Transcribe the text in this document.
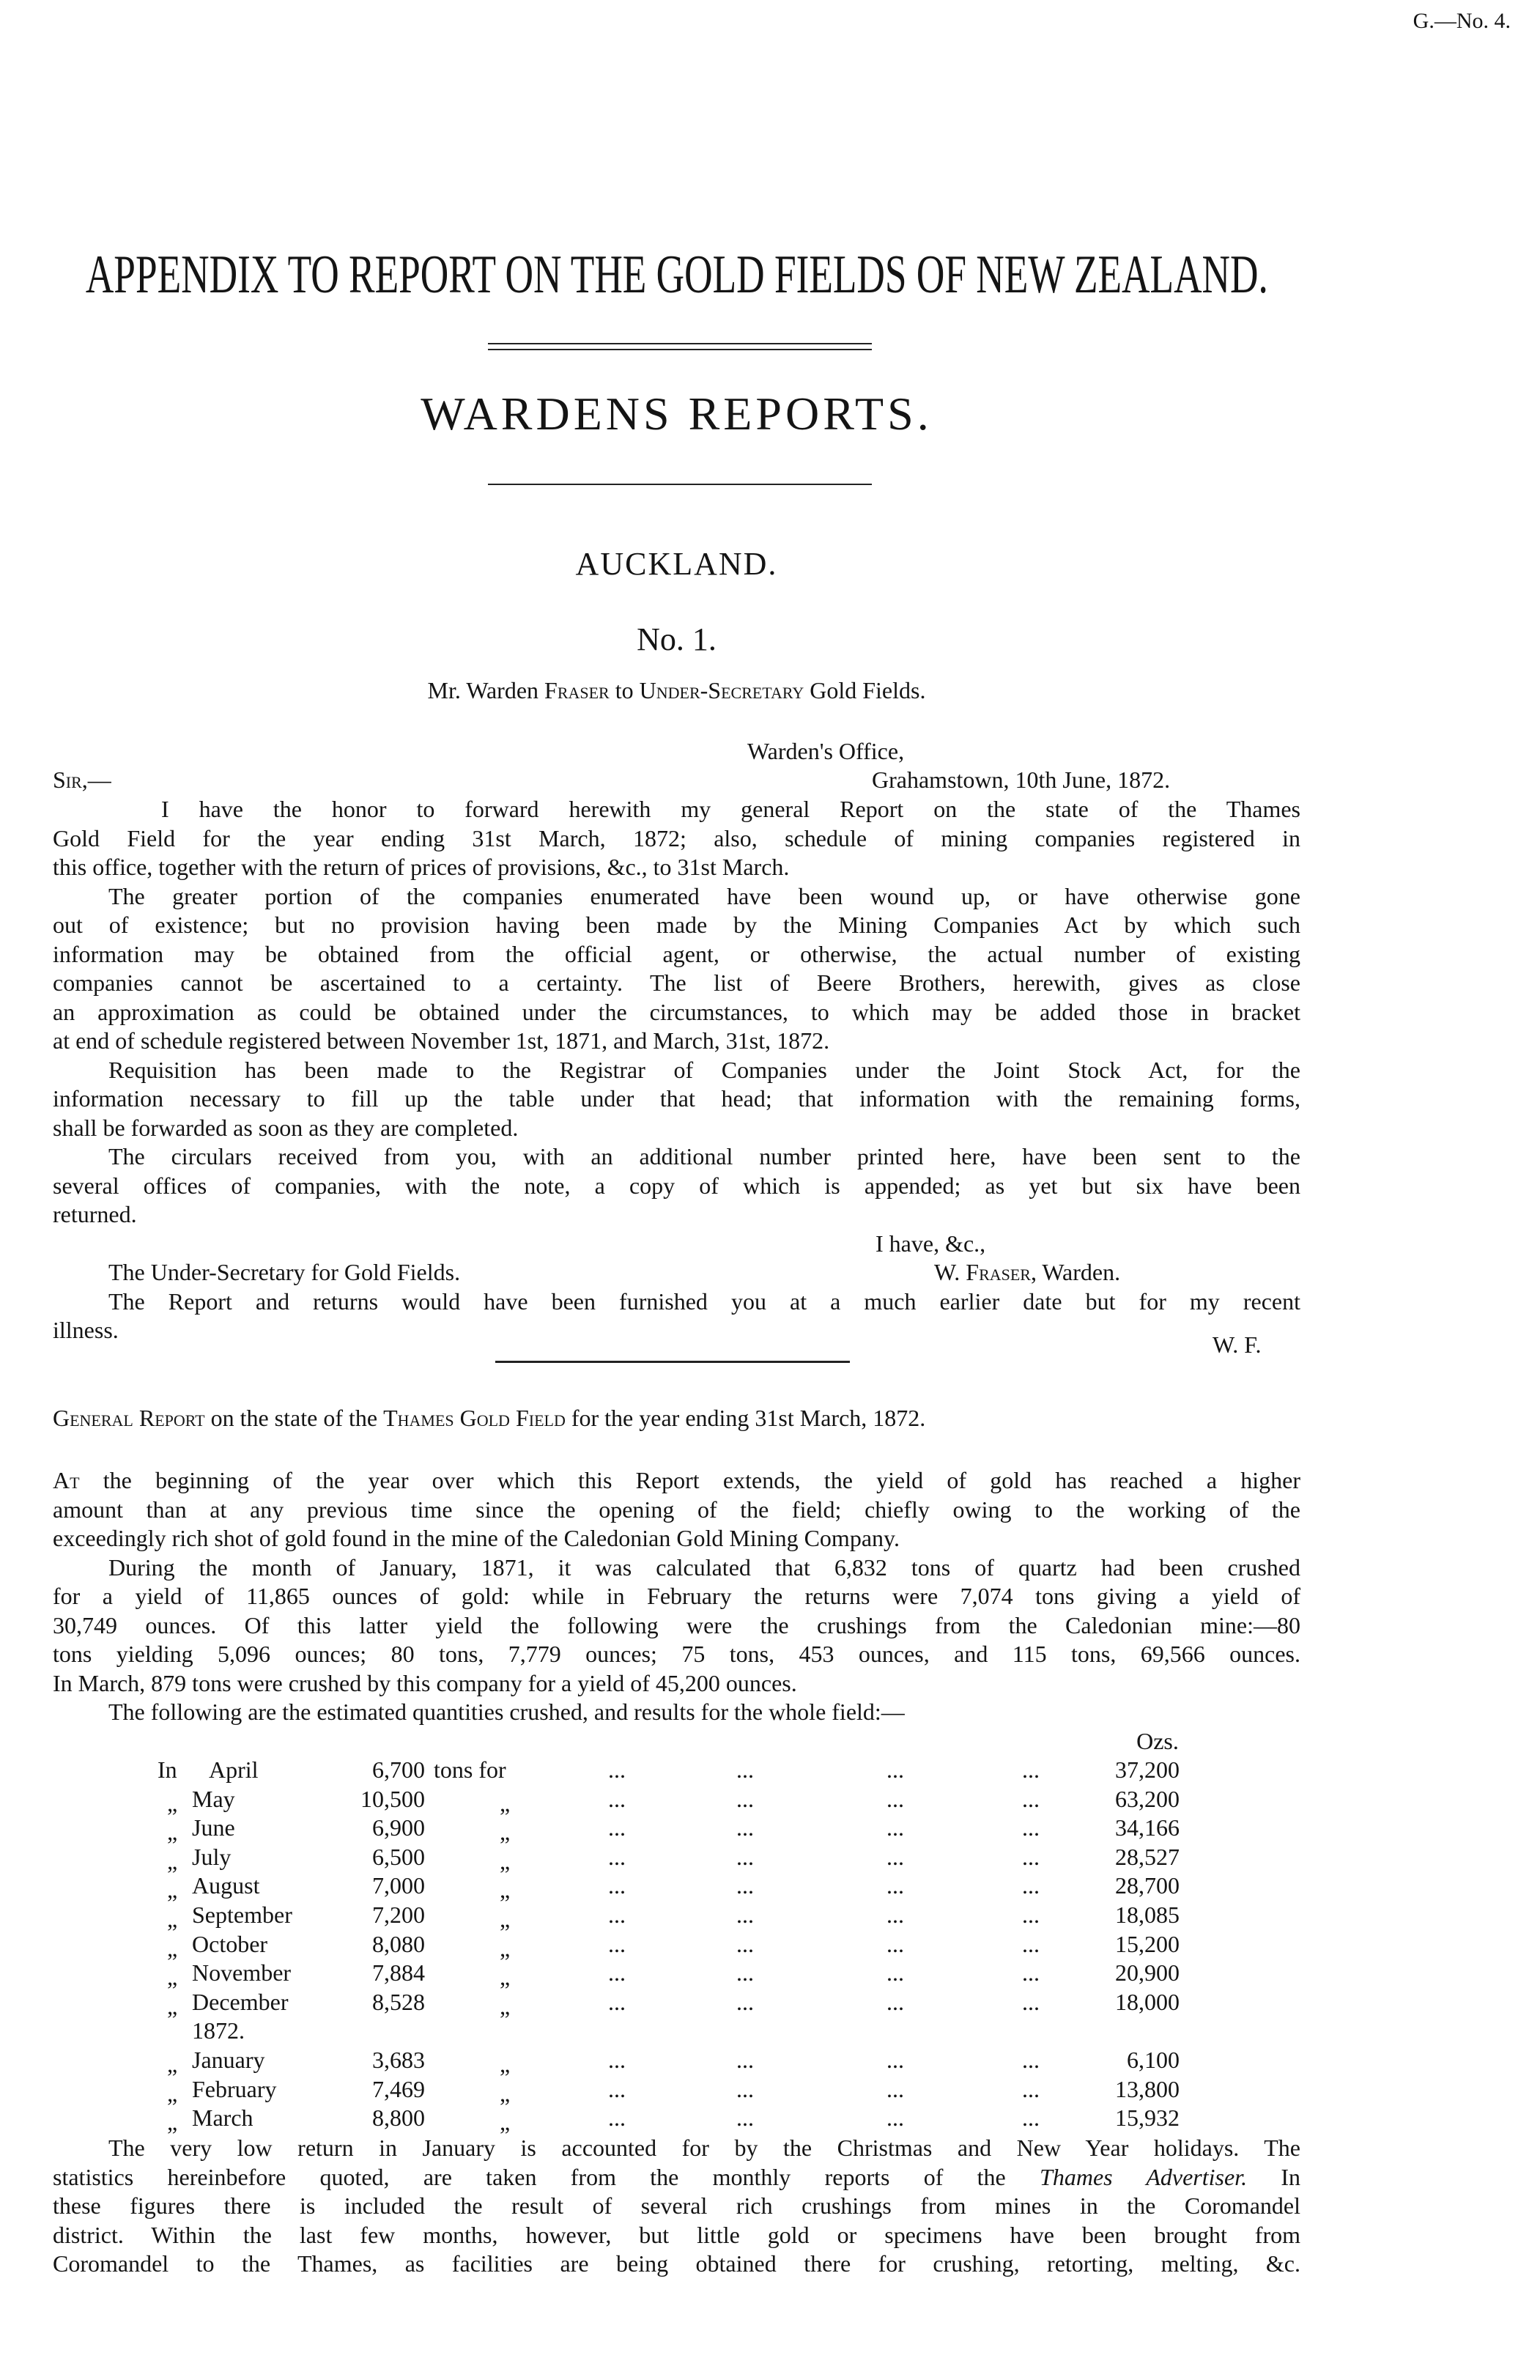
G.—No. 4.
APPENDIX TO REPORT ON THE GOLD FIELDS OF NEW ZEALAND.
WARDENS REPORTS.
AUCKLAND.
No. 1.
Mr. Warden Fraser to Under-Secretary Gold Fields.
Warden's Office,
Sir,—	Grahamstown, 10th June, 1872.
I have the honor to forward herewith my general Report on the state of the Thames
Gold Field for the year ending 31st March, 1872; also, schedule of mining companies registered in
this office, together with the return of prices of provisions, &c., to 31st March.
The greater portion of the companies enumerated have been wound up, or have otherwise gone
out of existence; but no provision having been made by the Mining Companies Act by which such
information may be obtained from the official agent, or otherwise, the actual number of existing
companies cannot be ascertained to a certainty. The list of Beere Brothers, herewith, gives as close
an approximation as could be obtained under the circumstances, to which may be added those in bracket
at end of schedule registered between November 1st, 1871, and March, 31st, 1872.
Requisition has been made to the Registrar of Companies under the Joint Stock Act, for the
information necessary to fill up the table under that head; that information with the remaining forms,
shall be forwarded as soon as they are completed.
The circulars received from you, with an additional number printed here, have been sent to the
several offices of companies, with the note, a copy of which is appended; as yet but six have been
returned.
I have, &c.,
The Under-Secretary for Gold Fields.	W. Fraser, Warden.
The Report and returns would have been furnished you at a much earlier date but for my recent
illness.
W. F.
General Report on the state of the Thames Gold Field for the year ending 31st March, 1872.
At the beginning of the year over which this Report extends, the yield of gold has reached a higher
amount than at any previous time since the opening of the field; chiefly owing to the working of the
exceedingly rich shot of gold found in the mine of the Caledonian Gold Mining Company.
During the month of January, 1871, it was calculated that 6,832 tons of quartz had been crushed
for a yield of 11,865 ounces of gold: while in February the returns were 7,074 tons giving a yield of
30,749 ounces. Of this latter yield the following were the crushings from the Caledonian mine:—80
tons yielding 5,096 ounces; 80 tons, 7,779 ounces; 75 tons, 453 ounces, and 115 tons, 69,566 ounces.
In March, 879 tons were crushed by this company for a yield of 45,200 ounces.
The following are the estimated quantities crushed, and results for the whole field:—
Ozs.
In April	6,700 tons for	...	...	...	...	37,200
„ May	10,500	„	...	...	...	...	63,200
„ June	6,900	„	...	...	...	...	34,166
„ July	6,500	„	...	...	...	...	28,527
„ August	7,000	„	...	...	...	...	28,700
„ September	7,200	„	...	...	...	...	18,085
„ October	8,080	„	...	...	...	...	15,200
„ November	7,884	„	...	...	...	...	20,900
„ December	8,528	„	...	...	...	...	18,000
1872.
„ January	3,683	„	...	...	...	...	6,100
„ February	7,469	„	...	...	...	...	13,800
„ March	8,800	„	...	...	...	...	15,932
The very low return in January is accounted for by the Christmas and New Year holidays. The
statistics hereinbefore quoted, are taken from the monthly reports of the Thames Advertiser. In
these figures there is included the result of several rich crushings from mines in the Coromandel
district. Within the last few months, however, but little gold or specimens have been brought from
Coromandel to the Thames, as facilities are being obtained there for crushing, retorting, melting, &c.
